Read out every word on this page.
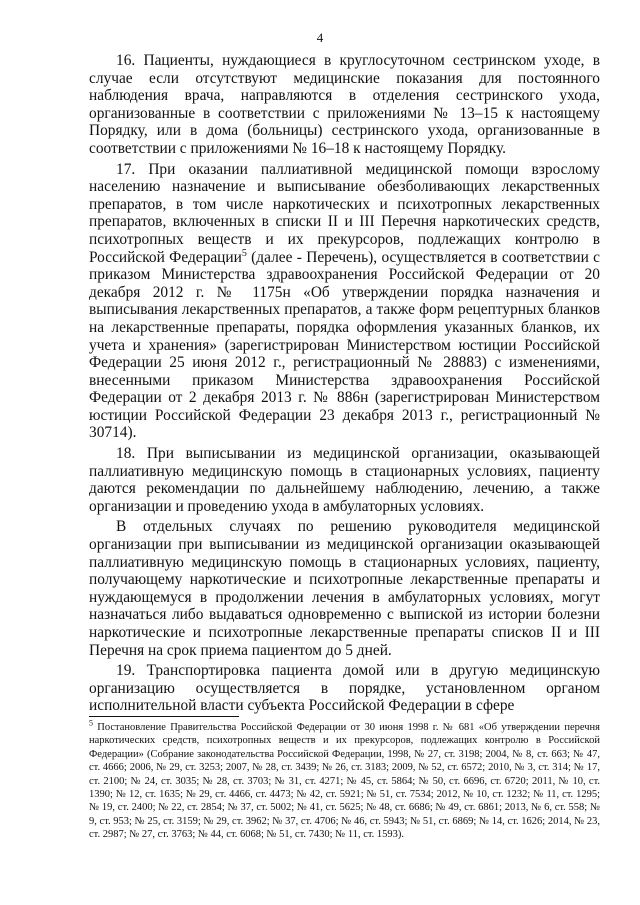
4

16. Пациенты, нуждающиеся в круглосуточном сестринском уходе, в случае если отсутствуют медицинские показания для постоянного наблюдения врача, направляются в отделения сестринского ухода, организованные в соответствии с приложениями № 13–15 к настоящему Порядку, или в дома (больницы) сестринского ухода, организованные в соответствии с приложениями № 16–18 к настоящему Порядку.

17. При оказании паллиативной медицинской помощи взрослому населению назначение и выписывание обезболивающих лекарственных препаратов, в том числе наркотических и психотропных лекарственных препаратов, включенных в списки II и III Перечня наркотических средств, психотропных веществ и их прекурсоров, подлежащих контролю в Российской Федерации$^5$ (далее - Перечень), осуществляется в соответствии с приказом Министерства здравоохранения Российской Федерации от 20 декабря 2012 г. № 1175н «Об утверждении порядка назначения и выписывания лекарственных препаратов, а также форм рецептурных бланков на лекарственные препараты, порядка оформления указанных бланков, их учета и хранения» (зарегистрирован Министерством юстиции Российской Федерации 25 июня 2012 г., регистрационный № 28883) с изменениями, внесенными приказом Министерства здравоохранения Российской Федерации от 2 декабря 2013 г. № 886н (зарегистрирован Министерством юстиции Российской Федерации 23 декабря 2013 г., регистрационный № 30714).

18. При выписывании из медицинской организации, оказывающей паллиативную медицинскую помощь в стационарных условиях, пациенту даются рекомендации по дальнейшему наблюдению, лечению, а также организации и проведению ухода в амбулаторных условиях.

В отдельных случаях по решению руководителя медицинской организации при выписывании из медицинской организации оказывающей паллиативную медицинскую помощь в стационарных условиях, пациенту, получающему наркотические и психотропные лекарственные препараты и нуждающемуся в продолжении лечения в амбулаторных условиях, могут назначаться либо выдаваться одновременно с выпиской из истории болезни наркотические и психотропные лекарственные препараты списков II и III Перечня на срок приема пациентом до 5 дней.

19. Транспортировка пациента домой или в другую медицинскую организацию осуществляется в порядке, установленном органом исполнительной власти субъекта Российской Федерации в сфере

$^5$ Постановление Правительства Российской Федерации от 30 июня 1998 г. № 681 «Об утверждении перечня наркотических средств, психотропных веществ и их прекурсоров, подлежащих контролю в Российской Федерации» (Собрание законодательства Российской Федерации, 1998, № 27, ст. 3198; 2004, № 8, ст. 663; № 47, ст. 4666; 2006, № 29, ст. 3253; 2007, № 28, ст. 3439; № 26, ст. 3183; 2009, № 52, ст. 6572; 2010, № 3, ст. 314; № 17, ст. 2100; № 24, ст. 3035; № 28, ст. 3703; № 31, ст. 4271; № 45, ст. 5864; № 50, ст. 6696, ст. 6720; 2011, № 10, ст. 1390; № 12, ст. 1635; № 29, ст. 4466, ст. 4473; № 42, ст. 5921; № 51, ст. 7534; 2012, № 10, ст. 1232; № 11, ст. 1295; № 19, ст. 2400; № 22, ст. 2854; № 37, ст. 5002; № 41, ст. 5625; № 48, ст. 6686; № 49, ст. 6861; 2013, № 6, ст. 558; № 9, ст. 953; № 25, ст. 3159; № 29, ст. 3962; № 37, ст. 4706; № 46, ст. 5943; № 51, ст. 6869; № 14, ст. 1626; 2014, № 23, ст. 2987; № 27, ст. 3763; № 44, ст. 6068; № 51, ст. 7430; № 11, ст. 1593).
